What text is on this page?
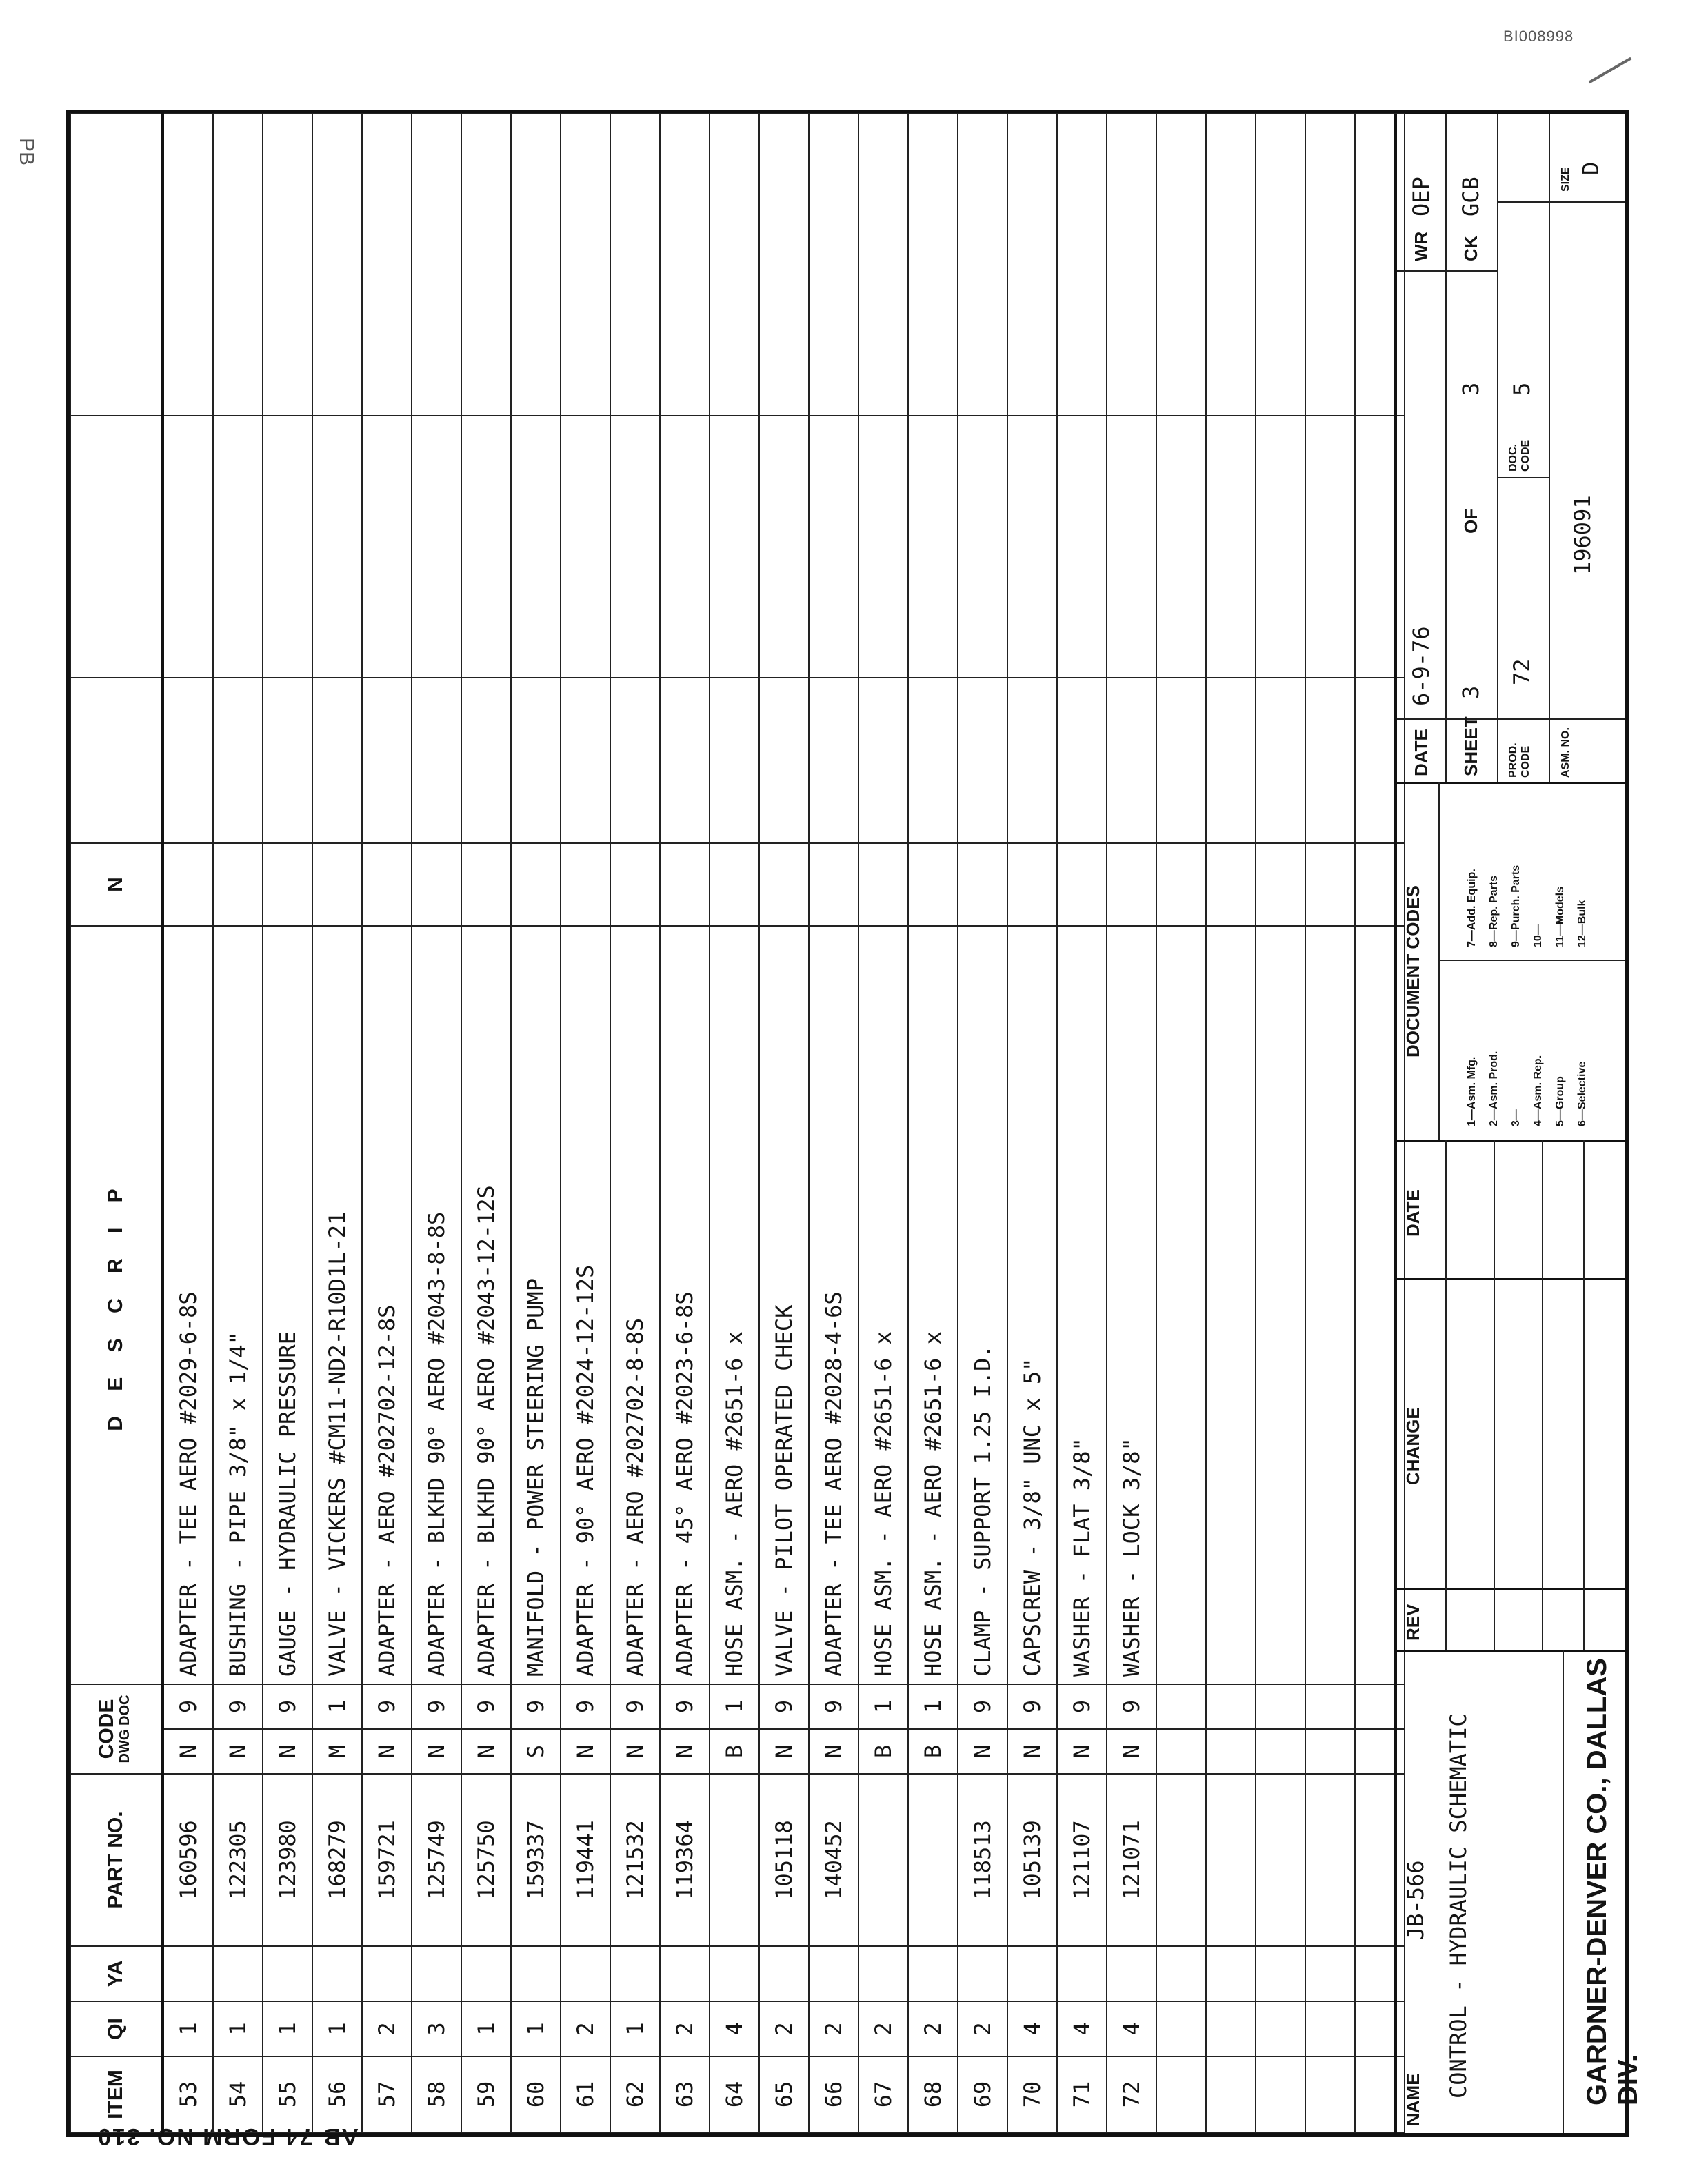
BI008998
PB
AB-74 FORM NO. 310
ITEM	QI	YA	PART NO.	CODE DWG DOC		D E S C R I P	N			
53	1		160596	N	9	ADAPTER - TEE AERO #2029-6-8S				
54	1		122305	N	9	BUSHING - PIPE 3/8" x 1/4"				
55	1		123980	N	9	GAUGE - HYDRAULIC PRESSURE				
56	1		168279	M	1	VALVE - VICKERS #CM11-ND2-R10D1L-21				
57	2		159721	N	9	ADAPTER - AERO #202702-12-8S				
58	3		125749	N	9	ADAPTER - BLKHD 90° AERO #2043-8-8S				
59	1		125750	N	9	ADAPTER - BLKHD 90° AERO #2043-12-12S				
60	1		159337	S	9	MANIFOLD - POWER STEERING PUMP				
61	2		119441	N	9	ADAPTER - 90° AERO #2024-12-12S				
62	1		121532	N	9	ADAPTER - AERO #202702-8-8S				
63	2		119364	N	9	ADAPTER - 45° AERO #2023-6-8S				
64	4			B	1	HOSE ASM. - AERO #2651-6 x				
65	2		105118	N	9	VALVE - PILOT OPERATED CHECK				
66	2		140452	N	9	ADAPTER - TEE AERO #2028-4-6S				
67	2			B	1	HOSE ASM. - AERO #2651-6 x				
68	2			B	1	HOSE ASM. - AERO #2651-6 x				
69	2		118513	N	9	CLAMP - SUPPORT 1.25 I.D.				
70	4		105139	N	9	CAPSCREW - 3/8" UNC x 5"				
71	4		121107	N	9	WASHER - FLAT 3/8"				
72	4		121071	N	9	WASHER - LOCK 3/8"				

NAME
JB-566 CONTROL - HYDRAULIC SCHEMATIC	GARDNER-DENVER CO., DALLAS DIV.
REV
CHANGE
DATE
DOCUMENT CODES
1—Asm. Mfg. 2—Asm. Prod. 3— 4—Asm. Rep. 5—Group 6—Selective
7—Add. Equip. 8—Rep. Parts 9—Purch. Parts 10— 11—Models 12—Bulk
DATE
6-9-76
WR
OEP
SHEET
3
OF
3
CK
GCB
PROD. CODE
72
DOC. CODE
5
ASM. NO.
196091
SIZE D
